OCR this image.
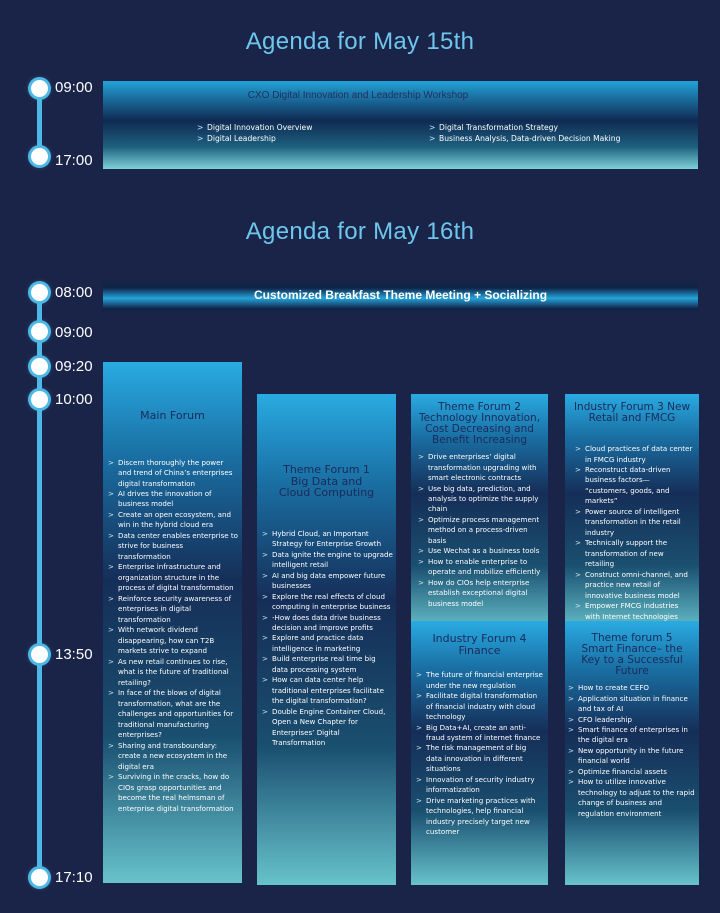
Agenda for May 15th
09:00
17:00
CXO Digital Innovation and Leadership Workshop
> Digital Innovation Overview
> Digital Leadership
> Digital Transformation Strategy
> Business Analysis, Data-driven Decision Making
Agenda for May 16th
08:00
09:00
09:20
10:00
13:50
17:10
Customized Breakfast Theme Meeting + Socializing
Main Forum
> Discern thoroughly the power and trend of China’s enterprises digital transformation
> AI drives the innovation of business model
> Create an open ecosystem, and win in the hybrid cloud era
> Data center enables enterprise to strive for business transformation
> Enterprise infrastructure and organization structure in the process of digital transformation
> Reinforce security awareness of enterprises in digital transformation
> With network dividend disappearing, how can T2B markets strive to expand
> As new retail continues to rise, what is the future of traditional retailing?
> In face of the blows of digital transformation, what are the challenges and opportunities for traditional manufacturing enterprises?
> Sharing and transboundary: create a new ecosystem in the digital era
> Surviving in the cracks, how do CIOs grasp opportunities and become the real helmsman of enterprise digital transformation
Theme Forum 1 Big Data and Cloud Computing
> Hybrid Cloud, an Important Strategy for Enterprise Growth
> Data ignite the engine to upgrade intelligent retail
> AI and big data empower future businesses
> Explore the real effects of cloud computing in enterprise business
> -How does data drive business decision and improve profits
> Explore and practice data intelligence in marketing
> Build enterprise real time big data processing system
> How can data center help traditional enterprises facilitate the digital transformation?
> Double Engine Container Cloud, Open a New Chapter for Enterprises’ Digital Transformation
Theme Forum 2 Technology Innovation, Cost Decreasing and Benefit Increasing
> Drive enterprises’ digital transformation upgrading with smart electronic contracts
> Use big data, prediction, and analysis to optimize the supply chain
> Optimize process management method on a process-driven basis
> Use Wechat as a business tools
> How to enable enterprise to operate and mobilize efficiently
> How do CIOs help enterprise establish exceptional digital business model
Industry Forum 3 New Retail and FMCG
> Cloud practices of data center in FMCG industry
> Reconstruct data-driven business factors— “customers, goods, and markets”
> Power source of intelligent transformation in the retail industry
> Technically support the transformation of new retailing
> Construct omni-channel, and practice new retail of innovative business model
> Empower FMCG industries with Internet technologies
Industry Forum 4 Finance
> The future of financial enterprise under the new regulation
> Facilitate digital transformation of financial industry with cloud technology
> Big Data+AI, create an anti-fraud system of internet finance
> The risk management of big data innovation in different situations
> Innovation of security industry informatization
> Drive marketing practices with technologies, help financial industry precisely target new customer
Theme forum 5 Smart Finance– the Key to a Successful Future
> How to create CEFO
> Application situation in finance and tax of AI
> CFO leadership
> Smart finance of enterprises in the digital era
> New opportunity in the future financial world
> Optimize financial assets
> How to utilize innovative technology to adjust to the rapid change of business and regulation environment
